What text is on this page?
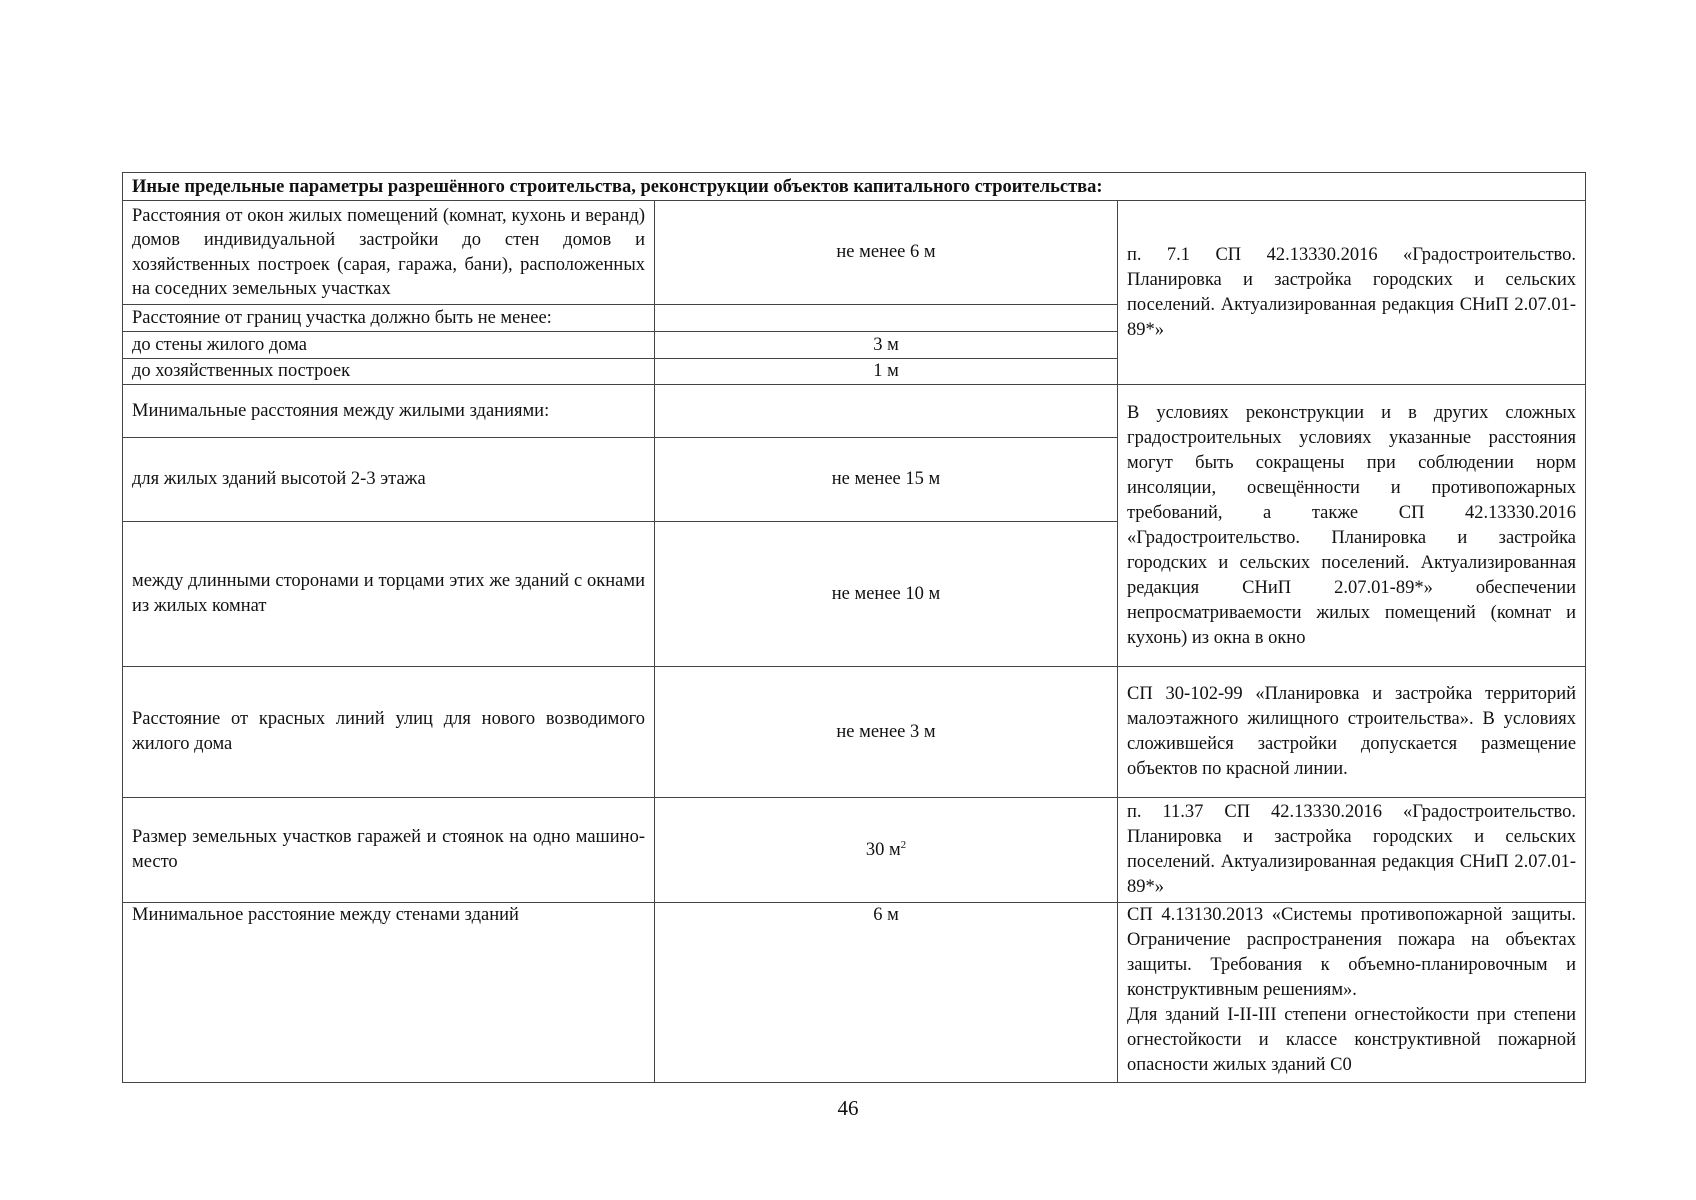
Иные предельные параметры разрешённого строительства, реконструкции объектов капитального строительства:		
Расстояния от окон жилых помещений (комнат, кухонь и веранд) домов индивидуальной застройки до стен домов и хозяйственных построек (сарая, гаража, бани), расположенных на соседних земельных участках	не менее 6 м	п. 7.1 СП 42.13330.2016 «Градостроительство. Планировка и застройка городских и сельских поселений. Актуализированная редакция СНиП 2.07.01-89*»
Расстояние от границ участка должно быть не менее:		
до стены жилого дома	3 м	
до хозяйственных построек	1 м	
Минимальные расстояния между жилыми зданиями:		В условиях реконструкции и в других сложных градостроительных условиях указанные расстояния могут быть сокращены при соблюдении норм инсоляции, освещённости и противопожарных требований, а также СП 42.13330.2016 «Градостроительство. Планировка и застройка городских и сельских поселений. Актуализированная редакция СНиП 2.07.01-89*» обеспечении непросматриваемости жилых помещений (комнат и кухонь) из окна в окно
для жилых зданий высотой 2-3 этажа	не менее 15 м	
между длинными сторонами и торцами этих же зданий с окнами из жилых комнат	не менее 10 м	
Расстояние от красных линий улиц для нового возводимого жилого дома	не менее 3 м	СП 30-102-99 «Планировка и застройка территорий малоэтажного жилищного строительства». В условиях сложившейся застройки допускается размещение объектов по красной линии.
Размер земельных участков гаражей и стоянок на одно машино-место	30 $м^2$	п. 11.37 СП 42.13330.2016 «Градостроительство. Планировка и застройка городских и сельских поселений. Актуализированная редакция СНиП 2.07.01-89*»
Минимальное расстояние между стенами зданий	6 м	СП 4.13130.2013 «Системы противопожарной защиты. Ограничение распространения пожара на объектах защиты. Требования к объемно-планировочным и конструктивным решениям».
Для зданий I-II-III степени огнестойкости при степени огнестойкости и классе конструктивной пожарной опасности жилых зданий С0
46
